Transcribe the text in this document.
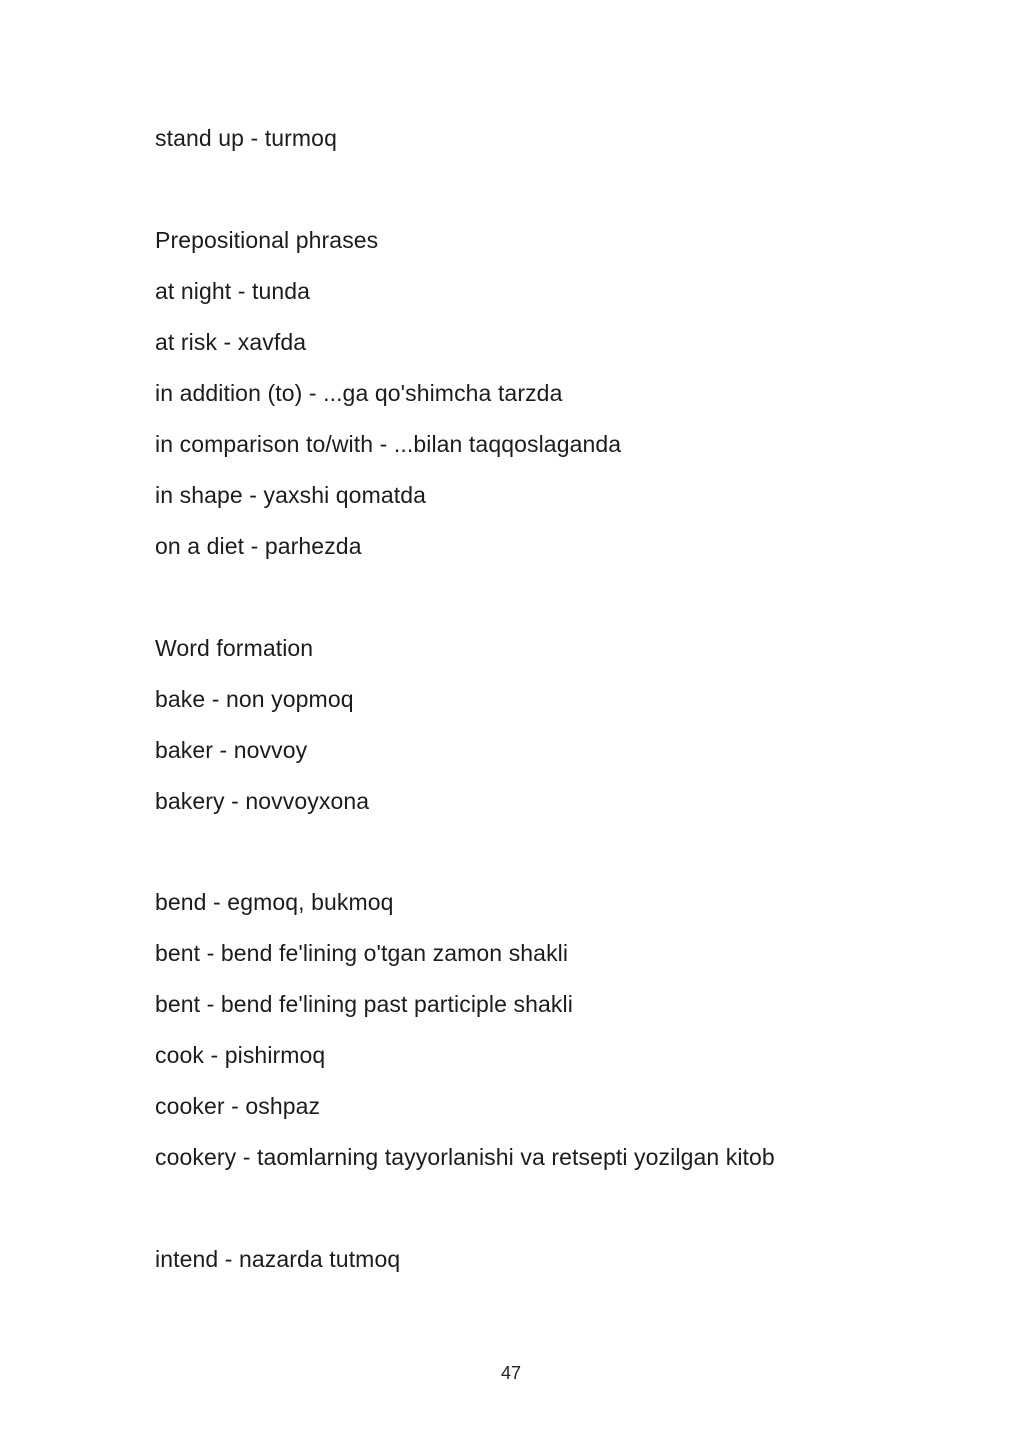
stand up - turmoq
Prepositional phrases
at night - tunda
at risk - xavfda
in addition (to) - ...ga qo'shimcha tarzda
in comparison to/with - ...bilan taqqoslaganda
in shape - yaxshi qomatda
on a diet - parhezda
Word formation
bake - non yopmoq
baker - novvoy
bakery - novvoyxona
bend - egmoq, bukmoq
bent - bend fe'lining o'tgan zamon shakli
bent - bend fe'lining past participle shakli
cook - pishirmoq
cooker - oshpaz
cookery - taomlarning tayyorlanishi va retsepti yozilgan kitob
intend - nazarda tutmoq
47
